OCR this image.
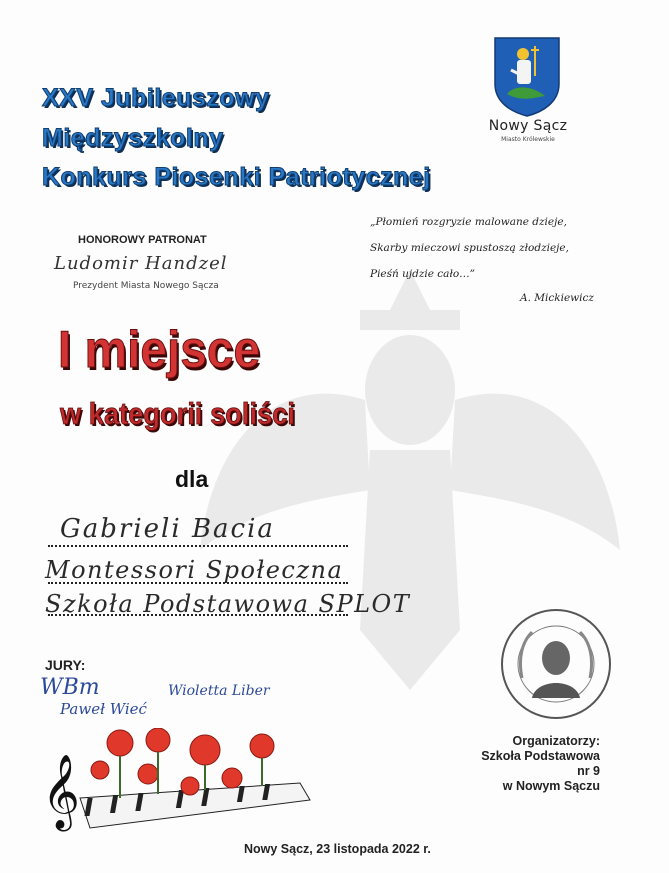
Nowy Sącz
Miasto Królewskie
XXV Jubileuszowy
Międzyszkolny
Konkurs Piosenki Patriotycznej
HONOROWY PATRONAT
Ludomir Handzel
Prezydent Miasta Nowego Sącza
„Płomień rozgryzie malowane dzieje,
Skarby mieczowi spustoszą złodzieje,
Pieśń ujdzie cało…”
A. Mickiewicz
I miejsce
w kategorii soliści
dla
Gabrieli Bacia
Montessori Społeczna
Szkoła Podstawowa SPLOT
JURY:
WBm
Paweł Wieć
Wioletta Liber
Organizatorzy:
Szkoła Podstawowa nr 9
w Nowym Sączu
𝄞
Nowy Sącz, 23 listopada 2022 r.
